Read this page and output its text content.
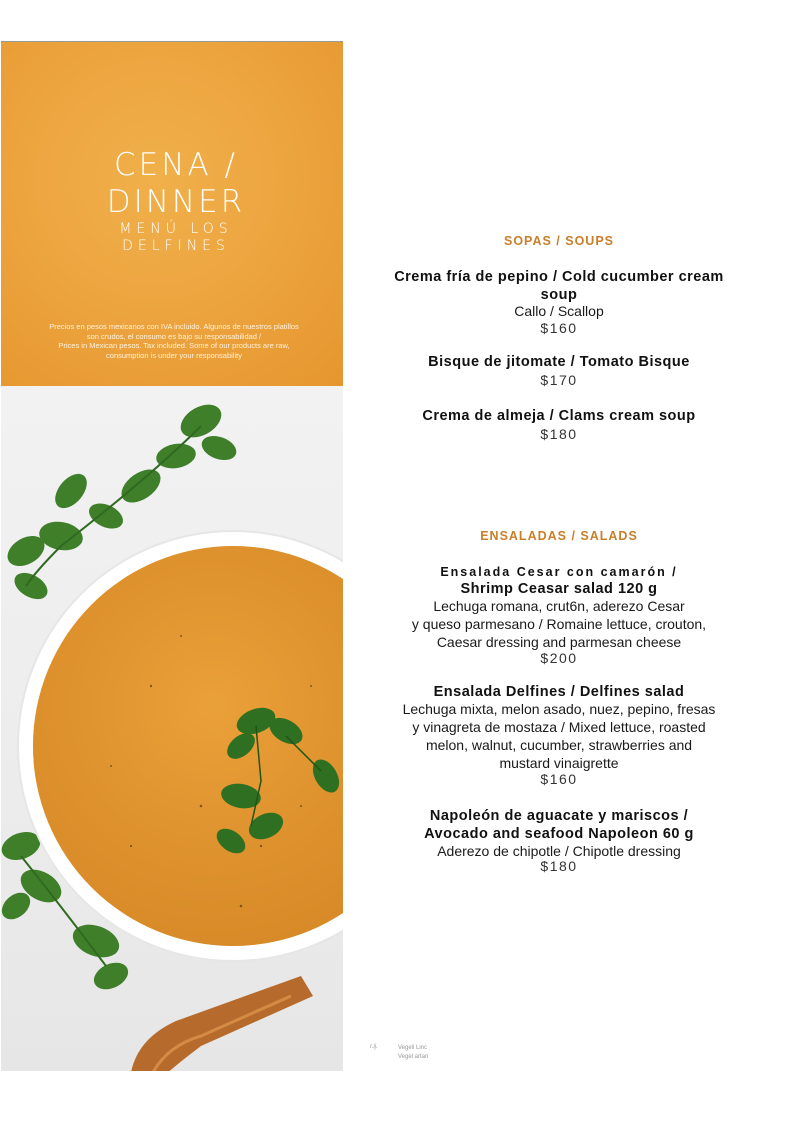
CENA /
DINNER
MENÚ LOS
DELFINES
Precios en pesos mexicanos con IVA incluido. Algunos de nuestros platillos
son crudos, el consumo es bajo su responsabilidad /
Prices in Mexican pesos. Tax included. Some of our products are raw,
consumption is under your responsability
SOPAS / SOUPS
Crema fría de pepino / Cold cucumber cream
soup
Callo / Scallop
$160
Bisque de jitomate / Tomato Bisque
$170
Crema de almeja / Clams cream soup
$180
ENSALADAS / SALADS
Ensalada Cesar con camarón /
Shrimp Ceasar salad 120 g
Lechuga romana, crut6n, aderezo Cesar
y queso parmesano / Romaine lettuce, crouton,
Caesar dressing and parmesan cheese
$200
Ensalada Delfines / Delfines salad
Lechuga mixta, melon asado, nuez, pepino, fresas
y vinagreta de mostaza / Mixed lettuce, roasted
melon, walnut, cucumber, strawberries and
mustard vinaigrette
$160
Napoleón de aguacate y mariscos /
Avocado and seafood Napoleon 60 g
Aderezo de chipotle / Chipotle dressing
$180
r.ij.	Vegeli Linc
Vegel artan
